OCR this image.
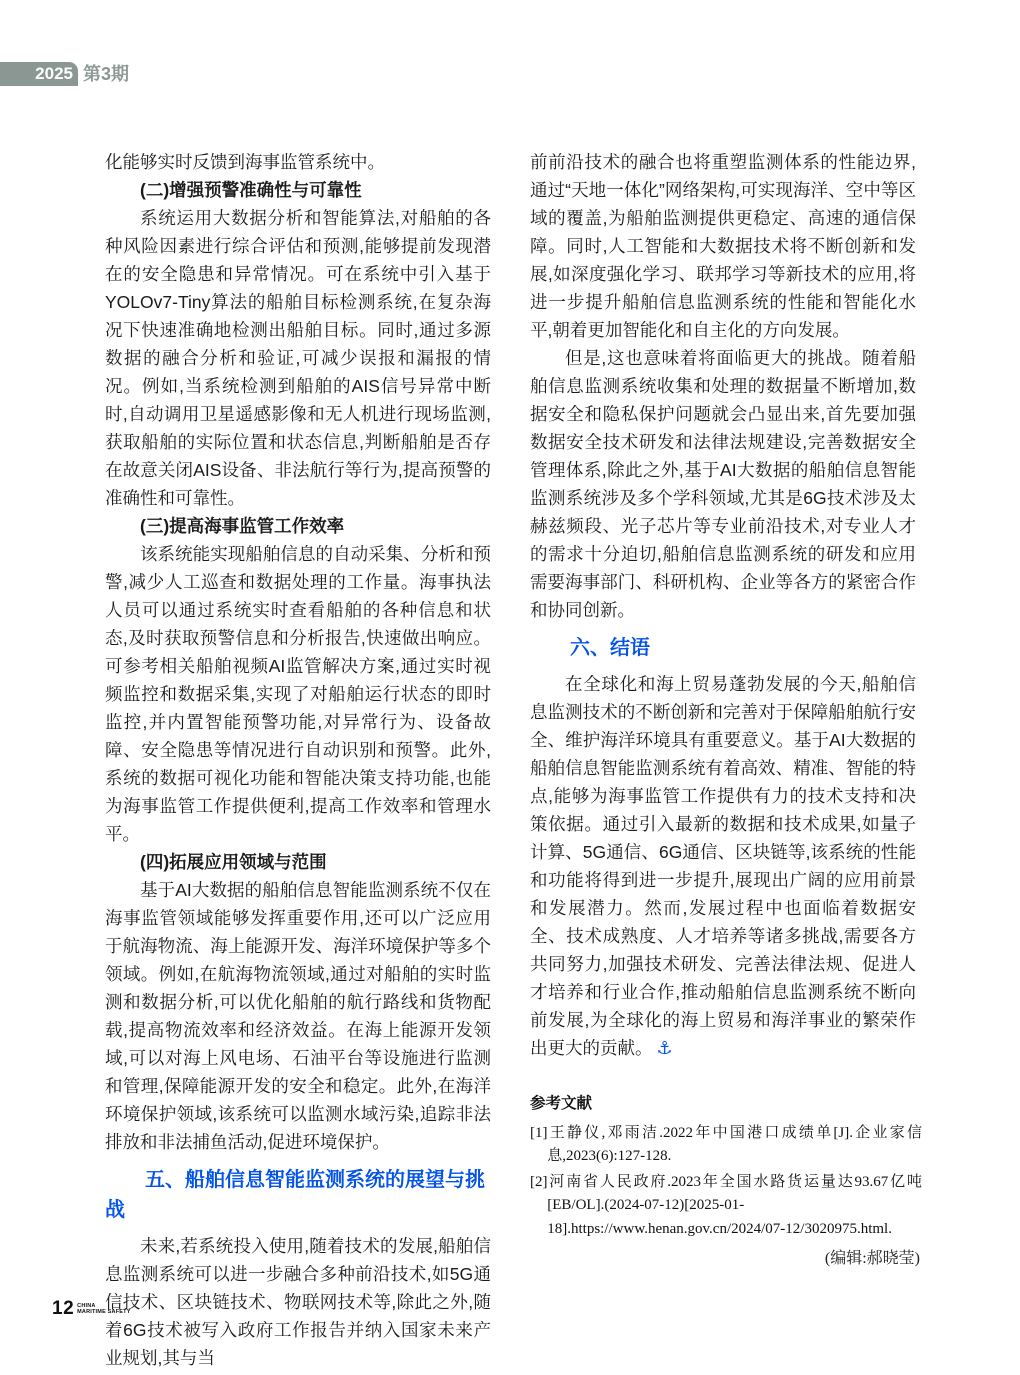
2025 第3期
化能够实时反馈到海事监管系统中。
(二)增强预警准确性与可靠性
系统运用大数据分析和智能算法,对船舶的各种风险因素进行综合评估和预测,能够提前发现潜在的安全隐患和异常情况。可在系统中引入基于YOLOv7-Tiny算法的船舶目标检测系统,在复杂海况下快速准确地检测出船舶目标。同时,通过多源数据的融合分析和验证,可减少误报和漏报的情况。例如,当系统检测到船舶的AIS信号异常中断时,自动调用卫星遥感影像和无人机进行现场监测,获取船舶的实际位置和状态信息,判断船舶是否存在故意关闭AIS设备、非法航行等行为,提高预警的准确性和可靠性。
(三)提高海事监管工作效率
该系统能实现船舶信息的自动采集、分析和预警,减少人工巡查和数据处理的工作量。海事执法人员可以通过系统实时查看船舶的各种信息和状态,及时获取预警信息和分析报告,快速做出响应。可参考相关船舶视频AI监管解决方案,通过实时视频监控和数据采集,实现了对船舶运行状态的即时监控,并内置智能预警功能,对异常行为、设备故障、安全隐患等情况进行自动识别和预警。此外,系统的数据可视化功能和智能决策支持功能,也能为海事监管工作提供便利,提高工作效率和管理水平。
(四)拓展应用领域与范围
基于AI大数据的船舶信息智能监测系统不仅在海事监管领域能够发挥重要作用,还可以广泛应用于航海物流、海上能源开发、海洋环境保护等多个领域。例如,在航海物流领域,通过对船舶的实时监测和数据分析,可以优化船舶的航行路线和货物配载,提高物流效率和经济效益。在海上能源开发领域,可以对海上风电场、石油平台等设施进行监测和管理,保障能源开发的安全和稳定。此外,在海洋环境保护领域,该系统可以监测水域污染,追踪非法排放和非法捕鱼活动,促进环境保护。
五、船舶信息智能监测系统的展望与挑战
未来,若系统投入使用,随着技术的发展,船舶信息监测系统可以进一步融合多种前沿技术,如5G通信技术、区块链技术、物联网技术等,除此之外,随着6G技术被写入政府工作报告并纳入国家未来产业规划,其与当
前前沿技术的融合也将重塑监测体系的性能边界,通过“天地一体化”网络架构,可实现海洋、空中等区域的覆盖,为船舶监测提供更稳定、高速的通信保障。同时,人工智能和大数据技术将不断创新和发展,如深度强化学习、联邦学习等新技术的应用,将进一步提升船舶信息监测系统的性能和智能化水平,朝着更加智能化和自主化的方向发展。
但是,这也意味着将面临更大的挑战。随着船舶信息监测系统收集和处理的数据量不断增加,数据安全和隐私保护问题就会凸显出来,首先要加强数据安全技术研发和法律法规建设,完善数据安全管理体系,除此之外,基于AI大数据的船舶信息智能监测系统涉及多个学科领域,尤其是6G技术涉及太赫兹频段、光子芯片等专业前沿技术,对专业人才的需求十分迫切,船舶信息监测系统的研发和应用需要海事部门、科研机构、企业等各方的紧密合作和协同创新。
六、结语
在全球化和海上贸易蓬勃发展的今天,船舶信息监测技术的不断创新和完善对于保障船舶航行安全、维护海洋环境具有重要意义。基于AI大数据的船舶信息智能监测系统有着高效、精准、智能的特点,能够为海事监管工作提供有力的技术支持和决策依据。通过引入最新的数据和技术成果,如量子计算、5G通信、6G通信、区块链等,该系统的性能和功能将得到进一步提升,展现出广阔的应用前景和发展潜力。然而,发展过程中也面临着数据安全、技术成熟度、人才培养等诸多挑战,需要各方共同努力,加强技术研发、完善法律法规、促进人才培养和行业合作,推动船舶信息监测系统不断向前发展,为全球化的海上贸易和海洋事业的繁荣作出更大的贡献。 ⚓
参考文献
[1]王静仪,邓雨洁.2022年中国港口成绩单[J].企业家信息,2023(6):127-128.
[2]河南省人民政府.2023年全国水路货运量达93.67亿吨[EB/OL].(2024-07-12)[2025-01-18].https://www.henan.gov.cn/2024/07-12/3020975.html.
(编辑:郝晓莹)
12 CHINA
MARITIME SAFETY
